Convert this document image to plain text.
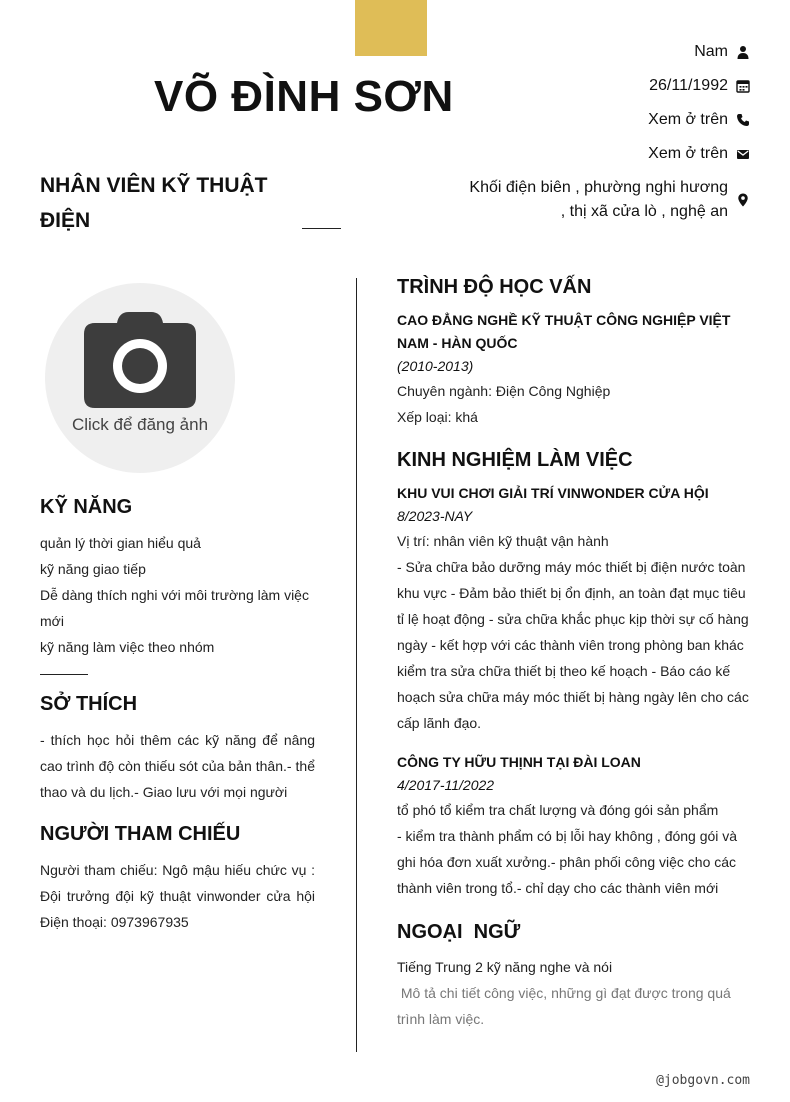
VÕ ĐÌNH SƠN
NHÂN VIÊN KỸ THUẬT ĐIỆN
Nam
26/11/1992
Xem ở trên
Xem ở trên
Khối điện biên , phường nghi hương
, thị xã cửa lò , nghệ an
Click để đăng ảnh
KỸ NĂNG
quản lý thời gian hiểu quả
kỹ năng giao tiếp
Dễ dàng thích nghi với môi trường làm việc mới
kỹ năng làm việc theo nhóm
SỞ THÍCH
- thích học hỏi thêm các kỹ năng để nâng cao trình độ còn thiếu sót của bản thân.- thể thao và du lịch.- Giao lưu với mọi người
NGƯỜI THAM CHIẾU
Người tham chiếu: Ngô mậu hiếu chức vụ : Đội trưởng đội kỹ thuật vinwonder cửa hội Điện thoại: 0973967935
TRÌNH ĐỘ HỌC VẤN
CAO ĐẲNG NGHỀ KỸ THUẬT CÔNG NGHIỆP VIỆT NAM - HÀN QUỐC
(2010-2013)
Chuyên ngành: Điện Công Nghiệp
Xếp loại: khá
KINH NGHIỆM LÀM VIỆC
KHU VUI CHƠI GIẢI TRÍ VINWONDER CỬA HỘI
8/2023-NAY
Vị trí: nhân viên kỹ thuật vận hành
- Sửa chữa bảo dưỡng máy móc thiết bị điện nước toàn khu vực - Đảm bảo thiết bị ổn định, an toàn đạt mục tiêu tỉ lệ hoạt động - sửa chữa khắc phục kịp thời sự cố hàng ngày - kết hợp với các thành viên trong phòng ban khác kiểm tra sửa chữa thiết bị theo kế hoạch - Báo cáo kế hoạch sửa chữa máy móc thiết bị hàng ngày lên cho các cấp lãnh đạo.
CÔNG TY HỮU THỊNH TẠI ĐÀI LOAN
4/2017-11/2022
tổ phó tổ kiểm tra chất lượng và đóng gói sản phẩm
- kiểm tra thành phẩm có bị lỗi hay không , đóng gói và ghi hóa đơn xuất xưởng.- phân phối công việc cho các thành viên trong tổ.- chỉ dạy cho các thành viên mới
NGOẠI  NGỮ
Tiếng Trung 2 kỹ năng nghe và nói
Mô tả chi tiết công việc, những gì đạt được trong quá trình làm việc.
@jobgovn.com
